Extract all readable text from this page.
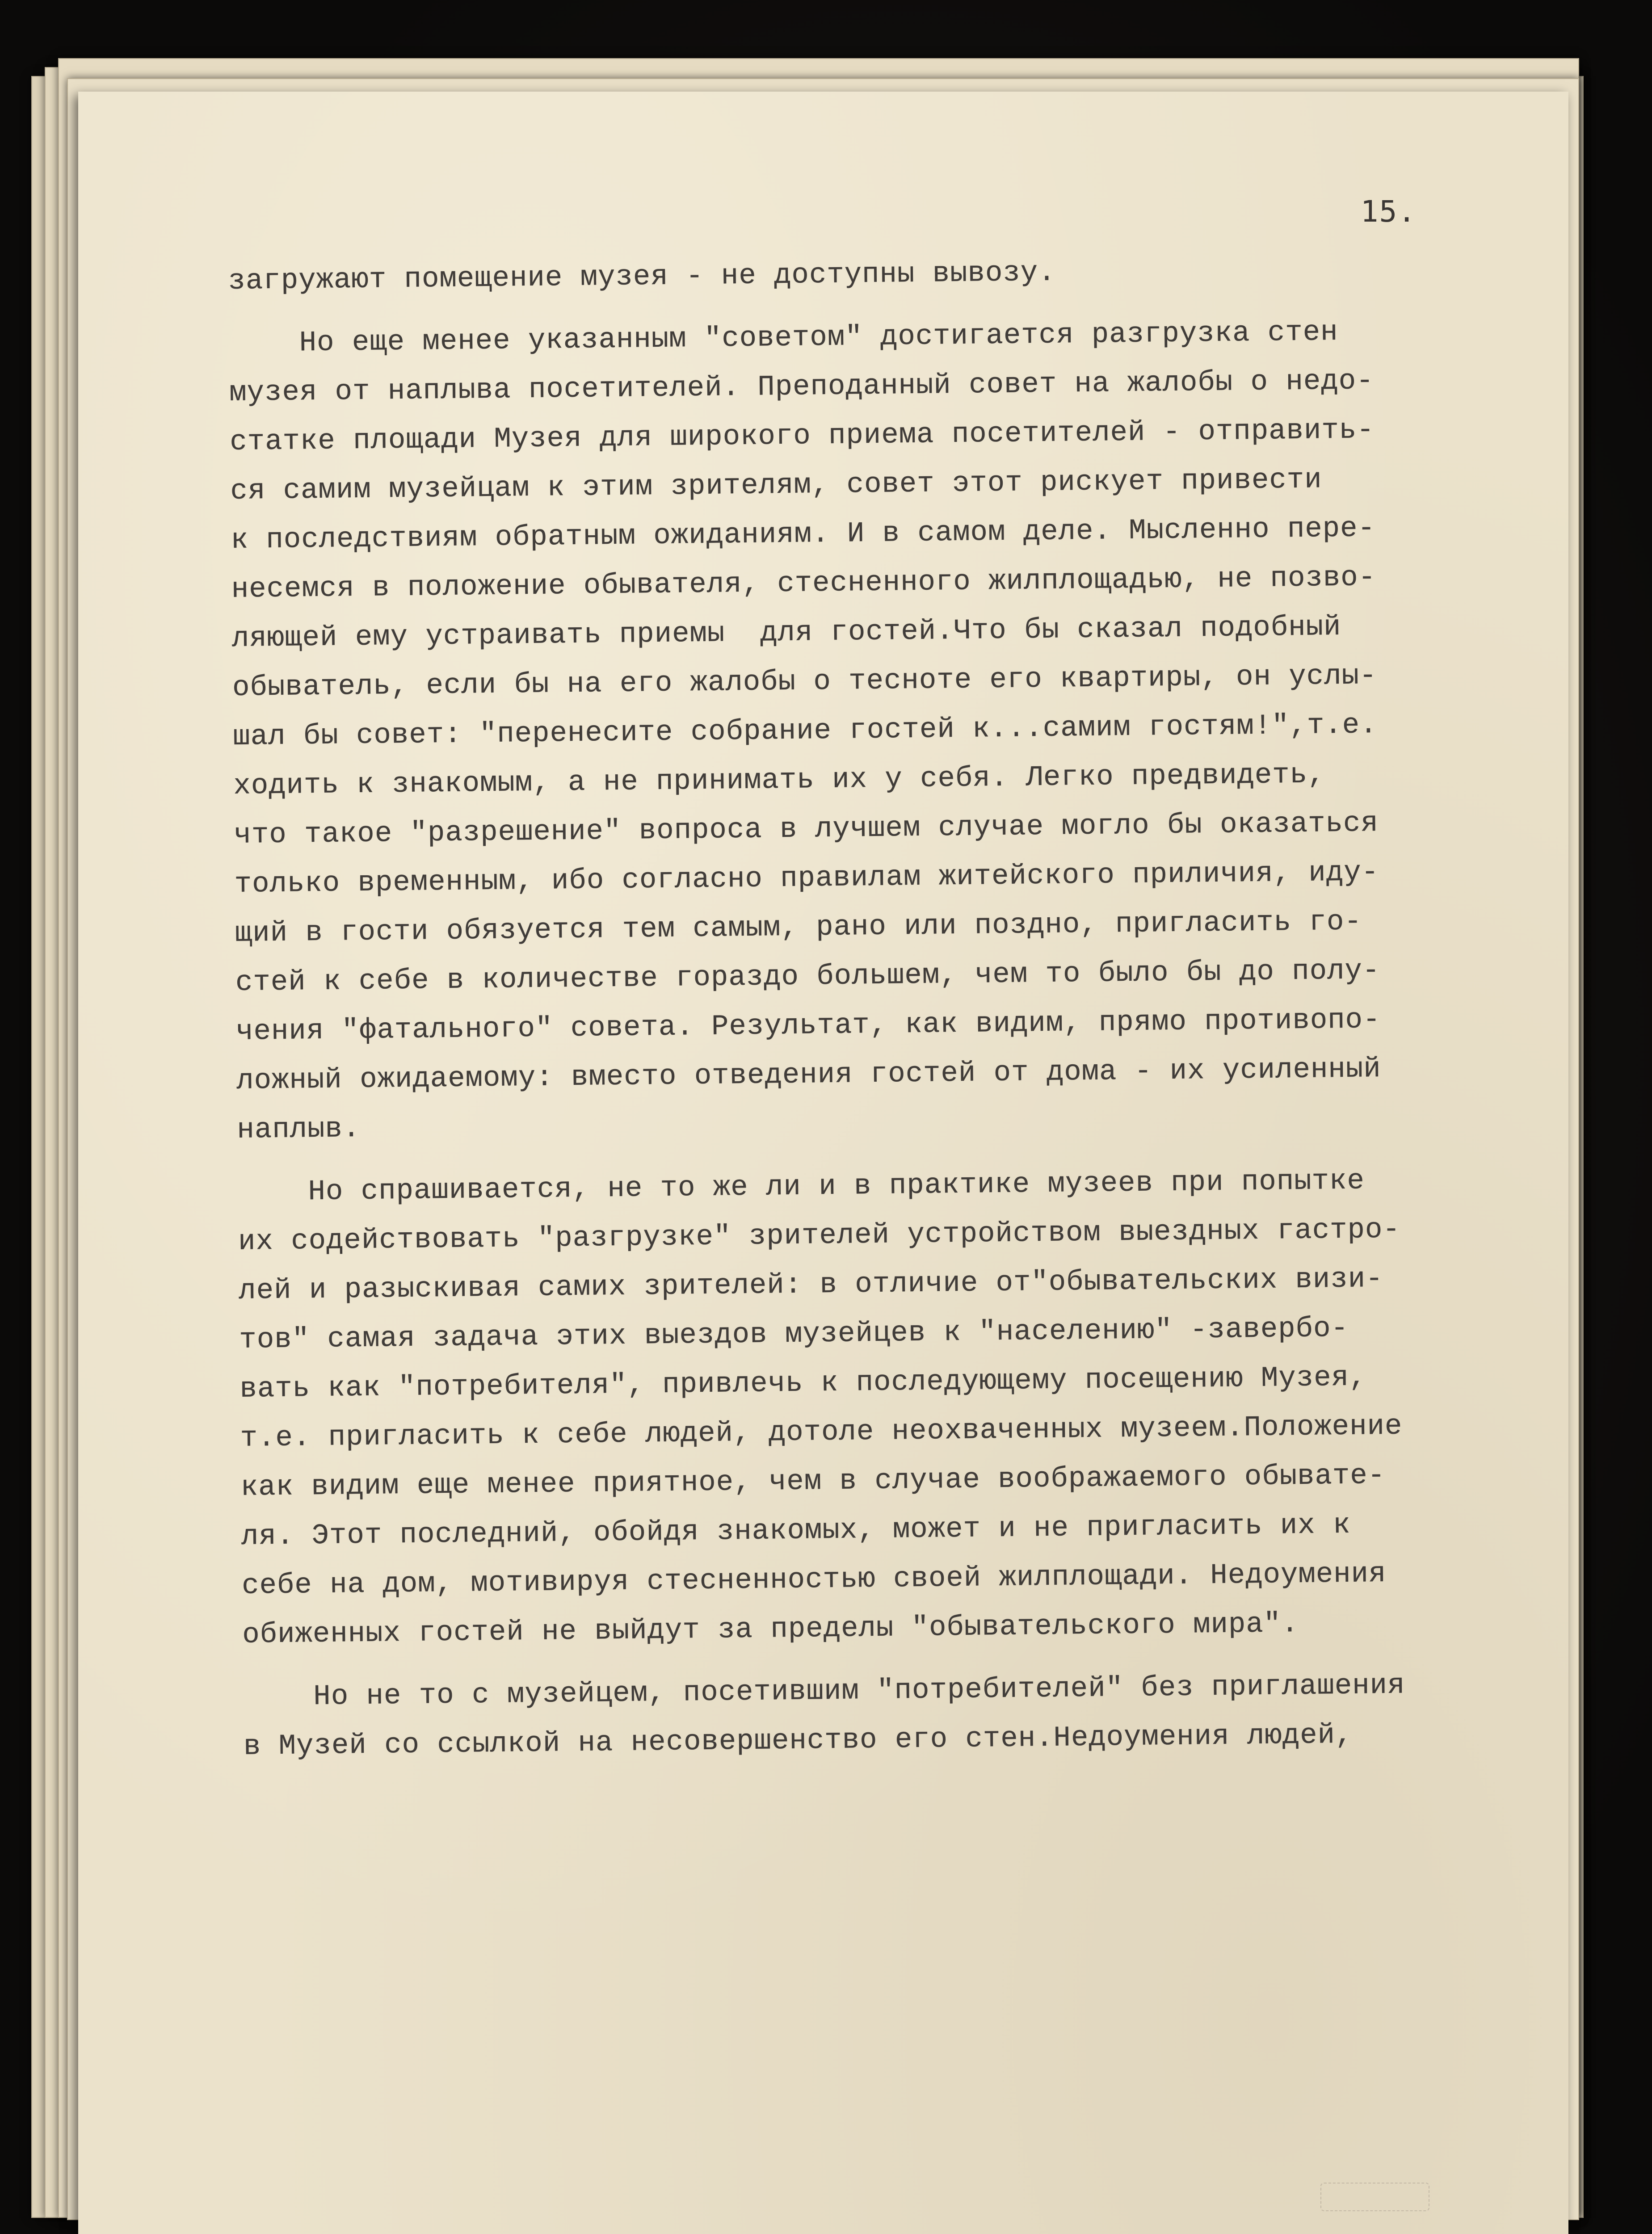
15.
загружают помещение музея - не доступны вывозу.
Но еще менее указанным "советом" достигается разгрузка стен
музея от наплыва посетителей. Преподанный совет на жалобы о недо-
статке площади Музея для широкого приема посетителей - отправить-
ся самим музейцам к этим зрителям, совет этот рискует привести
к последствиям обратным ожиданиям. И в самом деле. Мысленно пере-
несемся в положение обывателя, стесненного жилплощадью, не позво-
ляющей ему устраивать приемы  для гостей.Что бы сказал подобный
обыватель, если бы на его жалобы о тесноте его квартиры, он услы-
шал бы совет: "перенесите собрание гостей к...самим гостям!",т.е.
ходить к знакомым, а не принимать их у себя. Легко предвидеть,
что такое "разрешение" вопроса в лучшем случае могло бы оказаться
только временным, ибо согласно правилам житейского приличия, иду-
щий в гости обязуется тем самым, рано или поздно, пригласить го-
стей к себе в количестве гораздо большем, чем то было бы до полу-
чения "фатального" совета. Результат, как видим, прямо противопо-
ложный ожидаемому: вместо отведения гостей от дома - их усиленный
наплыв.
Но спрашивается, не то же ли и в практике музеев при попытке
их содействовать "разгрузке" зрителей устройством выездных гастро-
лей и разыскивая самих зрителей: в отличие от"обывательских визи-
тов" самая задача этих выездов музейцев к "населению" -завербо-
вать как "потребителя", привлечь к последующему посещению Музея,
т.е. пригласить к себе людей, дотоле неохваченных музеем.Положение
как видим еще менее приятное, чем в случае воображаемого обывате-
ля. Этот последний, обойдя знакомых, может и не пригласить их к
себе на дом, мотивируя стесненностью своей жилплощади. Недоумения
обиженных гостей не выйдут за пределы "обывательского мира".
Но не то с музейцем, посетившим "потребителей" без приглашения
в Музей со ссылкой на несовершенство его стен.Недоумения людей,
